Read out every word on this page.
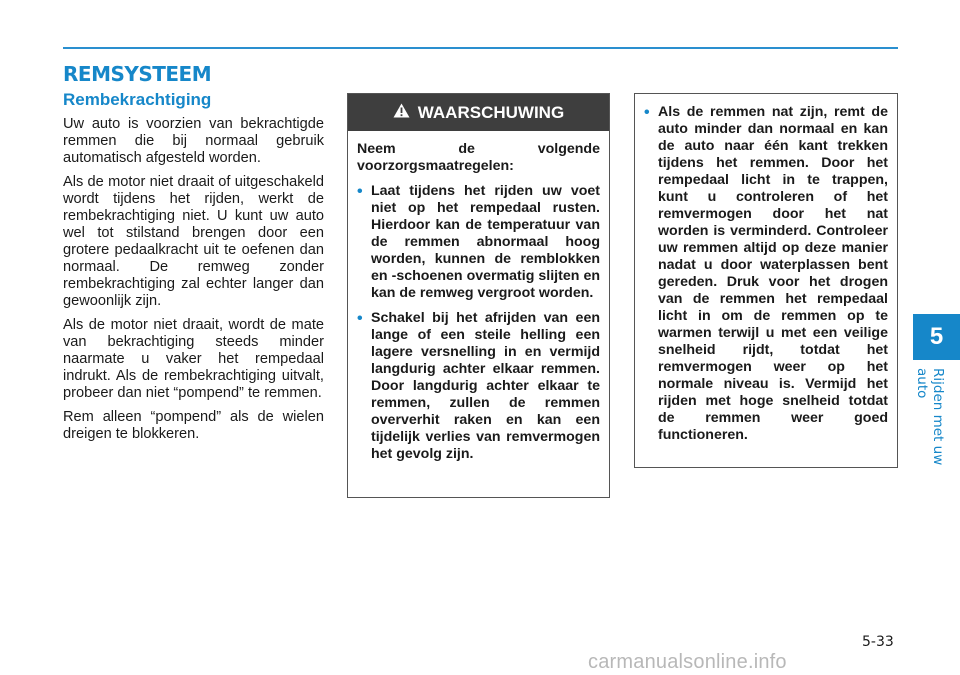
REMSYSTEEM
Rembekrachtiging

Uw auto is voorzien van bekrachtigde remmen die bij normaal gebruik automatisch afgesteld worden.

Als de motor niet draait of uitgeschakeld wordt tijdens het rijden, werkt de rembekrachtiging niet. U kunt uw auto wel tot stilstand brengen door een grotere pedaalkracht uit te oefenen dan normaal. De remweg zonder rembekrachtiging zal echter langer dan gewoonlijk zijn.

Als de motor niet draait, wordt de mate van bekrachtiging steeds minder naarmate u vaker het rempedaal indrukt. Als de rembekrachtiging uitvalt, probeer dan niet “pompend” te remmen.

Rem alleen “pompend” als de wielen dreigen te blokkeren.

WAARSCHUWING

Neem de volgende voorzorgsmaatregelen:

• Laat tijdens het rijden uw voet niet op het rempedaal rusten. Hierdoor kan de temperatuur van de remmen abnormaal hoog worden, kunnen de remblokken en -schoenen overmatig slijten en kan de remweg vergroot worden.
• Schakel bij het afrijden van een lange of een steile helling een lagere versnelling in en vermijd langdurig achter elkaar remmen. Door langdurig achter elkaar te remmen, zullen de remmen oververhit raken en kan een tijdelijk verlies van remvermogen het gevolg zijn.
• Als de remmen nat zijn, remt de auto minder dan normaal en kan de auto naar één kant trekken tijdens het remmen. Door het rempedaal licht in te trappen, kunt u controleren of het remvermogen door het nat worden is verminderd. Controleer uw remmen altijd op deze manier nadat u door waterplassen bent gereden. Druk voor het drogen van de remmen het rempedaal licht in om de remmen op te warmen terwijl u met een veilige snelheid rijdt, totdat het remvermogen weer op het normale niveau is. Vermijd het rijden met hoge snelheid totdat de remmen weer goed functioneren.
5
Rijden met uw auto
5-33
carmanualsonline.info
